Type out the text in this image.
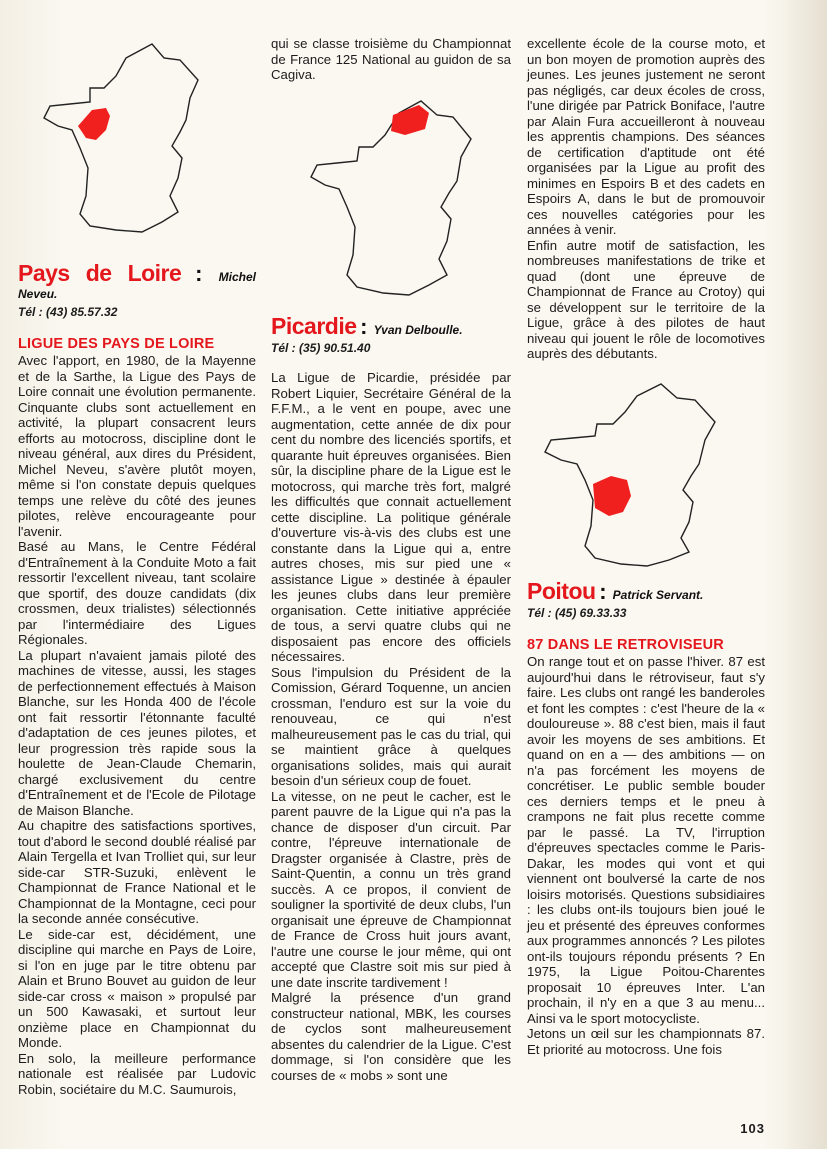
Pays de Loire : Michel Neveu.
Tél : (43) 85.57.32
LIGUE DES PAYS DE LOIRE

Avec l'apport, en 1980, de la Mayenne et de la Sarthe, la Ligue des Pays de Loire connait une évolution permanente. Cinquante clubs sont actuellement en activité, la plupart consacrent leurs efforts au motocross, discipline dont le niveau général, aux dires du Président, Michel Neveu, s'avère plutôt moyen, même si l'on constate depuis quelques temps une relève du côté des jeunes pilotes, relève encourageante pour l'avenir.

Basé au Mans, le Centre Fédéral d'Entraînement à la Conduite Moto a fait ressortir l'excellent niveau, tant scolaire que sportif, des douze candidats (dix crossmen, deux trialistes) sélectionnés par l'intermédiaire des Ligues Régionales.

La plupart n'avaient jamais piloté des machines de vitesse, aussi, les stages de perfectionnement effectués à Maison Blanche, sur les Honda 400 de l'école ont fait ressortir l'étonnante faculté d'adaptation de ces jeunes pilotes, et leur progression très rapide sous la houlette de Jean-Claude Chemarin, chargé exclusivement du centre d'Entraînement et de l'Ecole de Pilotage de Maison Blanche.

Au chapitre des satisfactions sportives, tout d'abord le second doublé réalisé par Alain Tergella et Ivan Trolliet qui, sur leur side-car STR-Suzuki, enlèvent le Championnat de France National et le Championnat de la Montagne, ceci pour la seconde année consécutive.

Le side-car est, décidément, une discipline qui marche en Pays de Loire, si l'on en juge par le titre obtenu par Alain et Bruno Bouvet au guidon de leur side-car cross « maison » propulsé par un 500 Kawasaki, et surtout leur onzième place en Championnat du Monde.

En solo, la meilleure performance nationale est réalisée par Ludovic Robin, sociétaire du M.C. Saumurois,

qui se classe troisième du Championnat de France 125 National au guidon de sa Cagiva.

Picardie : Yvan Delboulle.
Tél : (35) 90.51.40

La Ligue de Picardie, présidée par Robert Liquier, Secrétaire Général de la F.F.M., a le vent en poupe, avec une augmentation, cette année de dix pour cent du nombre des licenciés sportifs, et quarante huit épreuves organisées. Bien sûr, la discipline phare de la Ligue est le motocross, qui marche très fort, malgré les difficultés que connait actuellement cette discipline. La politique générale d'ouverture vis-à-vis des clubs est une constante dans la Ligue qui a, entre autres choses, mis sur pied une « assistance Ligue » destinée à épauler les jeunes clubs dans leur première organisation. Cette initiative appréciée de tous, a servi quatre clubs qui ne disposaient pas encore des officiels nécessaires.

Sous l'impulsion du Président de la Comission, Gérard Toquenne, un ancien crossman, l'enduro est sur la voie du renouveau, ce qui n'est malheureusement pas le cas du trial, qui se maintient grâce à quelques organisations solides, mais qui aurait besoin d'un sérieux coup de fouet.

La vitesse, on ne peut le cacher, est le parent pauvre de la Ligue qui n'a pas la chance de disposer d'un circuit. Par contre, l'épreuve internationale de Dragster organisée à Clastre, près de Saint-Quentin, a connu un très grand succès. A ce propos, il convient de souligner la sportivité de deux clubs, l'un organisait une épreuve de Championnat de France de Cross huit jours avant, l'autre une course le jour même, qui ont accepté que Clastre soit mis sur pied à une date inscrite tardivement !

Malgré la présence d'un grand constructeur national, MBK, les courses de cyclos sont malheureusement absentes du calendrier de la Ligue. C'est dommage, si l'on considère que les courses de « mobs » sont une

excellente école de la course moto, et un bon moyen de promotion auprès des jeunes. Les jeunes justement ne seront pas négligés, car deux écoles de cross, l'une dirigée par Patrick Boniface, l'autre par Alain Fura accueilleront à nouveau les apprentis champions. Des séances de certification d'aptitude ont été organisées par la Ligue au profit des minimes en Espoirs B et des cadets en Espoirs A, dans le but de promouvoir ces nouvelles catégories pour les années à venir.

Enfin autre motif de satisfaction, les nombreuses manifestations de trike et quad (dont une épreuve de Championnat de France au Crotoy) qui se développent sur le territoire de la Ligue, grâce à des pilotes de haut niveau qui jouent le rôle de locomotives auprès des débutants.

Poitou : Patrick Servant.
Tél : (45) 69.33.33
87 DANS LE RETROVISEUR

On range tout et on passe l'hiver. 87 est aujourd'hui dans le rétroviseur, faut s'y faire. Les clubs ont rangé les banderoles et font les comptes : c'est l'heure de la « douloureuse ». 88 c'est bien, mais il faut avoir les moyens de ses ambitions. Et quand on en a — des ambitions — on n'a pas forcément les moyens de concrétiser. Le public semble bouder ces derniers temps et le pneu à crampons ne fait plus recette comme par le passé. La TV, l'irruption d'épreuves spectacles comme le Paris-Dakar, les modes qui vont et qui viennent ont boulversé la carte de nos loisirs motorisés. Questions subsidiaires : les clubs ont-ils toujours bien joué le jeu et présenté des épreuves conformes aux programmes annoncés ? Les pilotes ont-ils toujours répondu présents ? En 1975, la Ligue Poitou-Charentes proposait 10 épreuves Inter. L'an prochain, il n'y en a que 3 au menu... Ainsi va le sport motocycliste.

Jetons un œil sur les championnats 87. Et priorité au motocross. Une fois

103
